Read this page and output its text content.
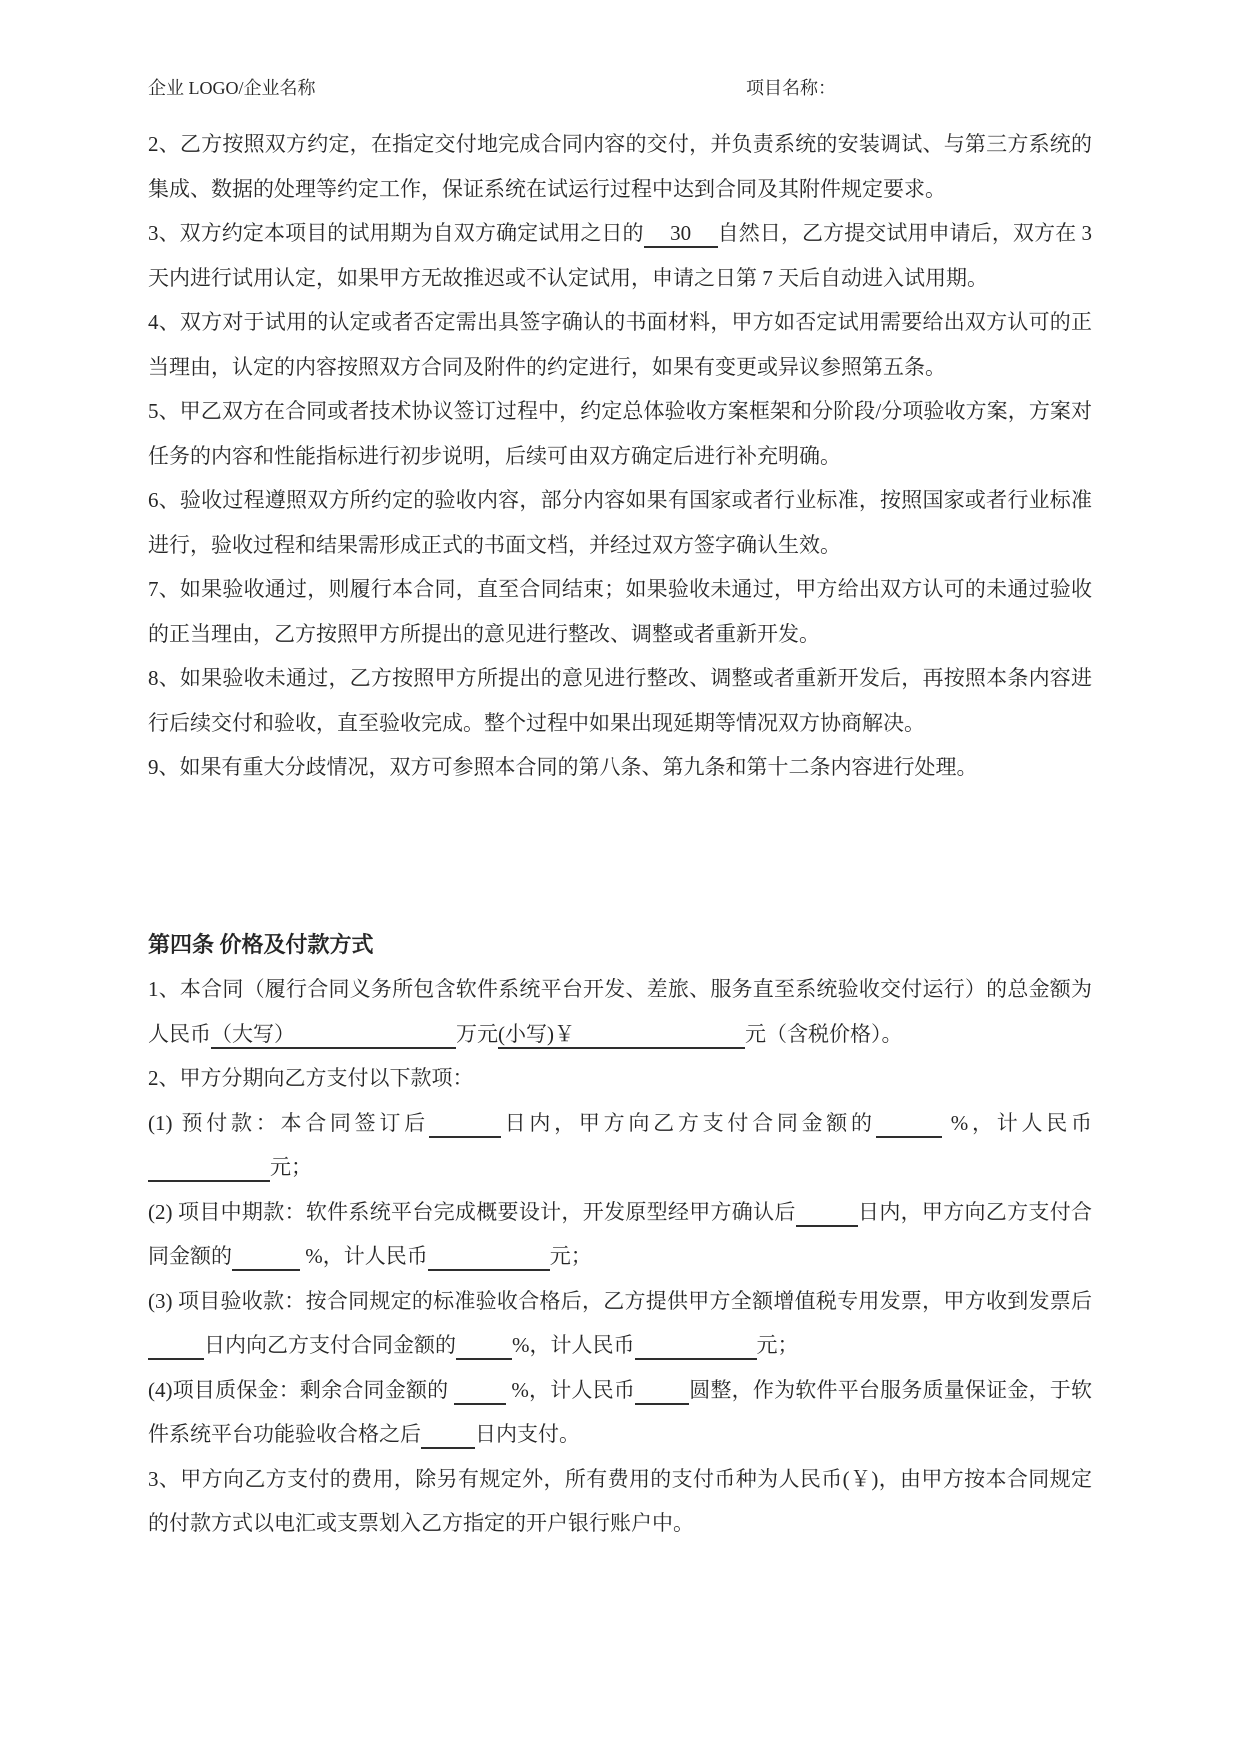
企业 LOGO/企业名称	项目名称：

2、乙方按照双方约定，在指定交付地完成合同内容的交付，并负责系统的安装调试、与第三方系统的集成、数据的处理等约定工作，保证系统在试运行过程中达到合同及其附件规定要求。

3、双方约定本项目的试用期为自双方确定试用之日的 30 自然日，乙方提交试用申请后，双方在 3 天内进行试用认定，如果甲方无故推迟或不认定试用，申请之日第 7 天后自动进入试用期。

4、双方对于试用的认定或者否定需出具签字确认的书面材料，甲方如否定试用需要给出双方认可的正当理由，认定的内容按照双方合同及附件的约定进行，如果有变更或异议参照第五条。

5、甲乙双方在合同或者技术协议签订过程中，约定总体验收方案框架和分阶段/分项验收方案，方案对任务的内容和性能指标进行初步说明，后续可由双方确定后进行补充明确。

6、验收过程遵照双方所约定的验收内容，部分内容如果有国家或者行业标准，按照国家或者行业标准进行，验收过程和结果需形成正式的书面文档，并经过双方签字确认生效。

7、如果验收通过，则履行本合同，直至合同结束；如果验收未通过，甲方给出双方认可的未通过验收的正当理由，乙方按照甲方所提出的意见进行整改、调整或者重新开发。

8、如果验收未通过，乙方按照甲方所提出的意见进行整改、调整或者重新开发后，再按照本条内容进行后续交付和验收，直至验收完成。整个过程中如果出现延期等情况双方协商解决。

9、如果有重大分歧情况，双方可参照本合同的第八条、第九条和第十二条内容进行处理。

第四条 价格及付款方式

1、本合同（履行合同义务所包含软件系统平台开发、差旅、服务直至系统验收交付运行）的总金额为人民币（大写）	万元(小写)￥	元（含税价格）。

2、甲方分期向乙方支付以下款项：

(1) 预付款：本合同签订后	日内，甲方向乙方支付合同金额的	%，计人民币  元；

(2) 项目中期款：软件系统平台完成概要设计，开发原型经甲方确认后	日内，甲方向乙方支付合同金额的	%，计人民币	元；

(3) 项目验收款：按合同规定的标准验收合格后，乙方提供甲方全额增值税专用发票，甲方收到发票后 日内向乙方支付合同金额的	%，计人民币	元；

(4)项目质保金：剩余合同金额的   %，计人民币	圆整，作为软件平台服务质量保证金，于软件系统平台功能验收合格之后	日内支付。

3、甲方向乙方支付的费用，除另有规定外，所有费用的支付币种为人民币(￥)，由甲方按本合同规定的付款方式以电汇或支票划入乙方指定的开户银行账户中。
